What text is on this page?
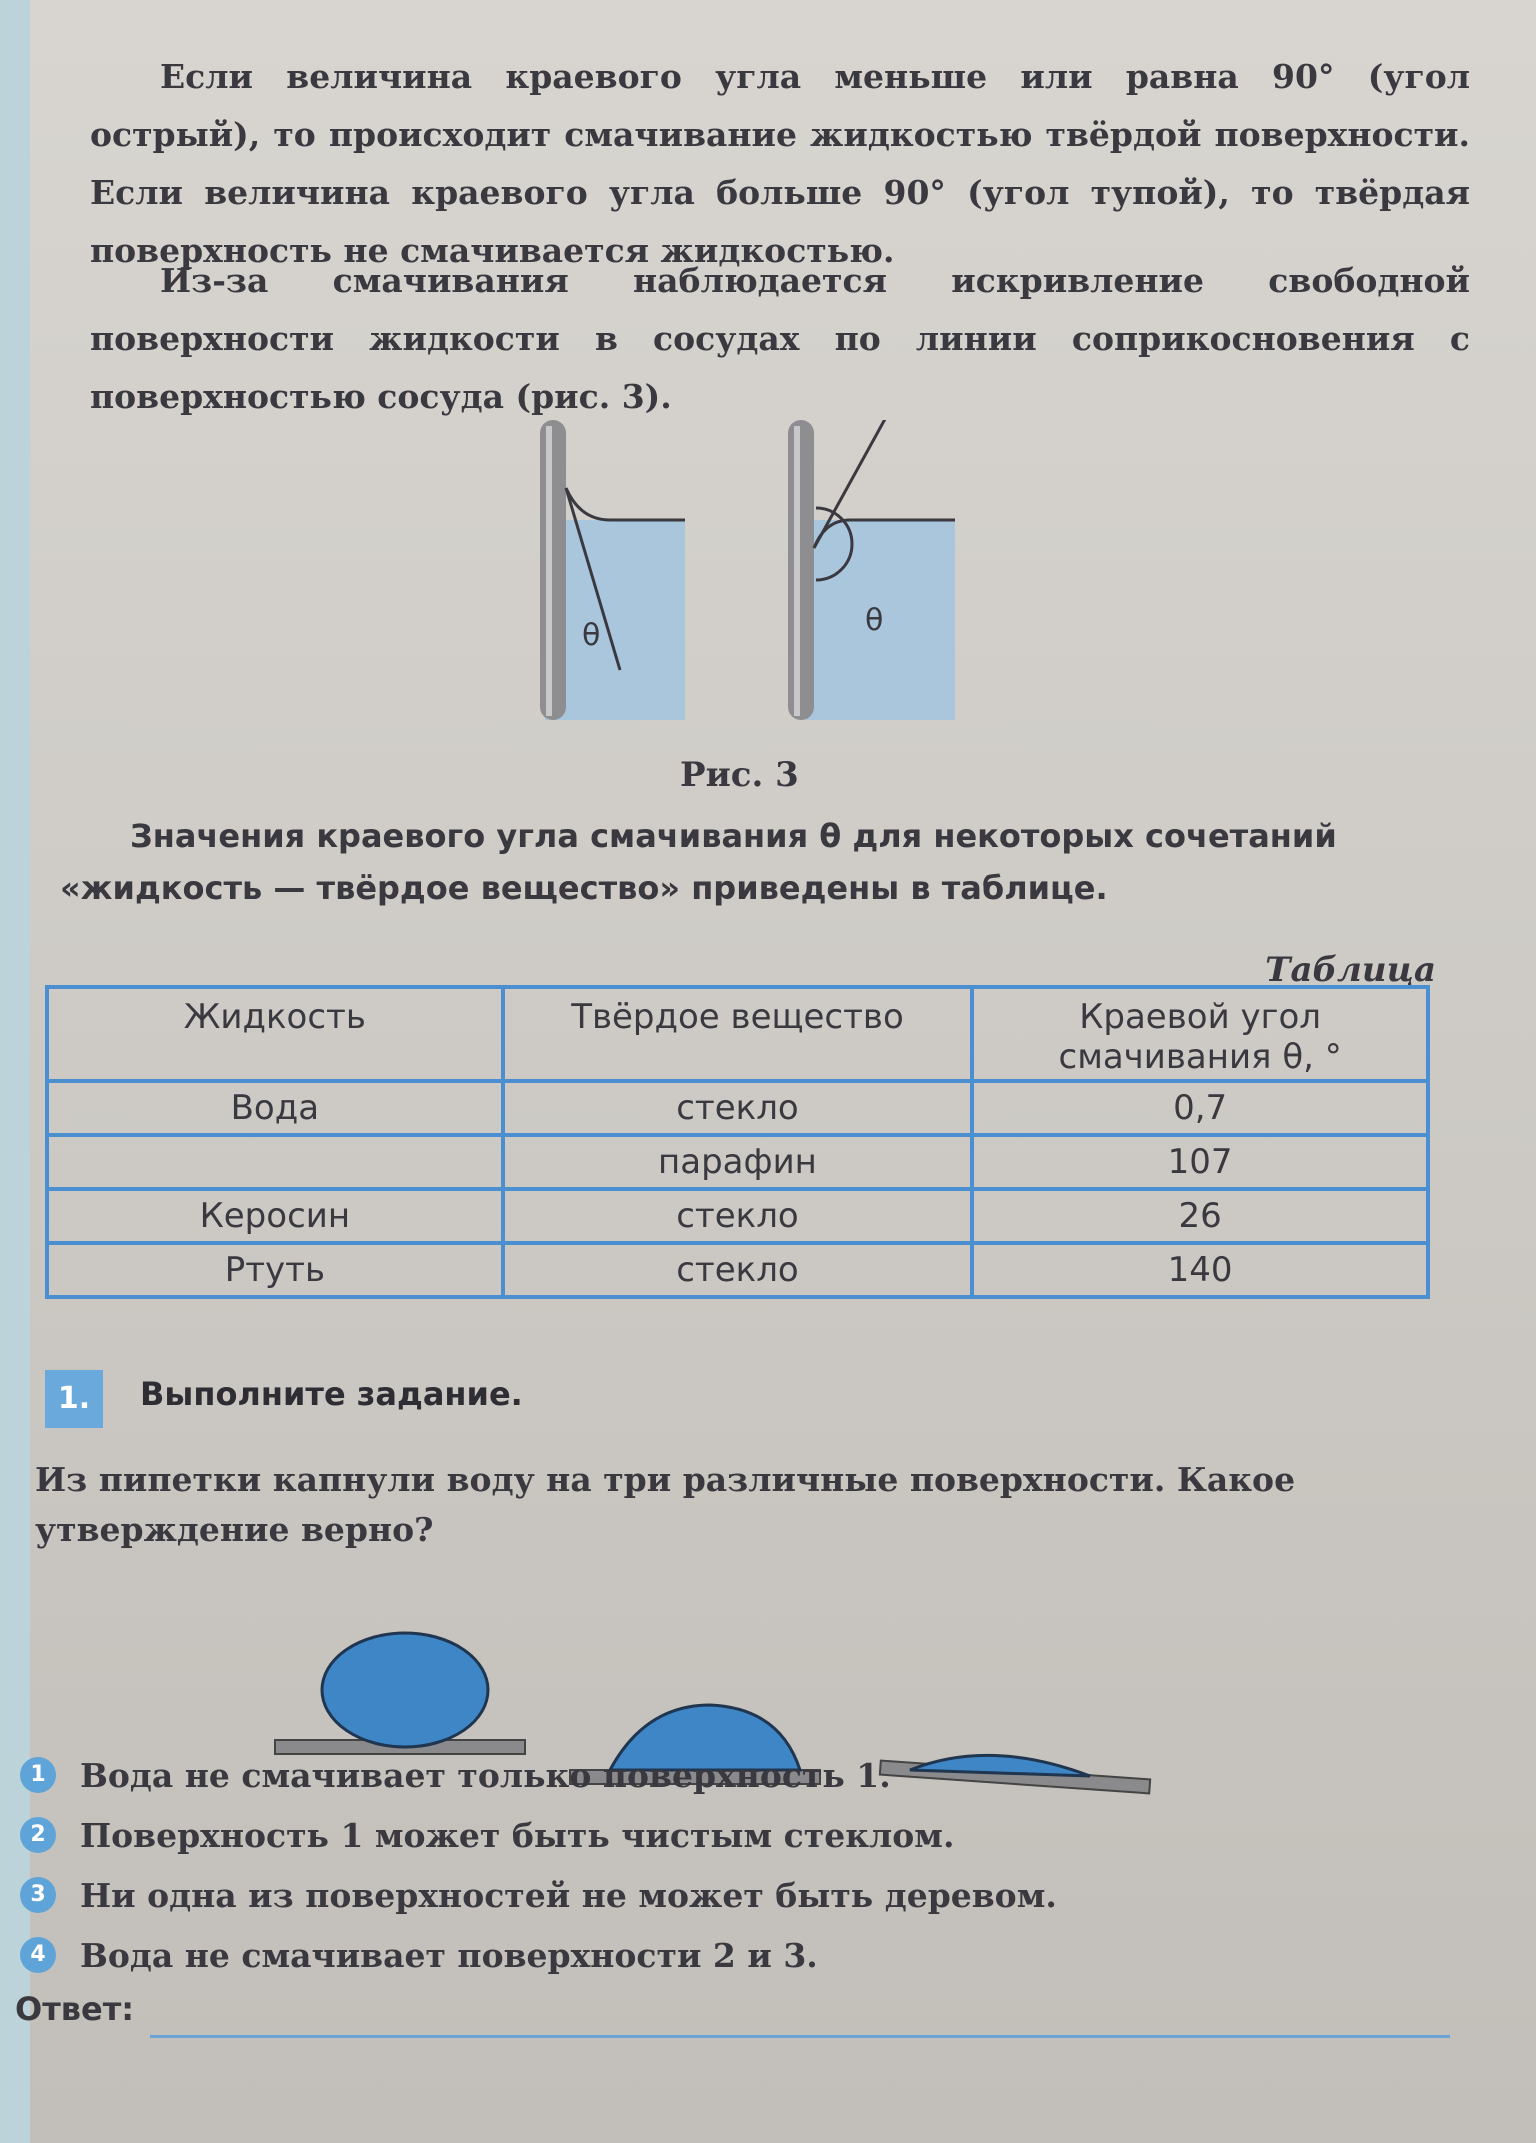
Если величина краевого угла меньше или равна 90° (угол острый), то происходит смачивание жидкостью твёрдой поверхности. Если величина краевого угла больше 90° (угол тупой), то твёрдая поверхность не смачивается жидкостью.

Из-за смачивания наблюдается искривление свободной поверхности жидкости в сосудах по линии соприкосновения с поверхностью сосуда (рис. 3).

θ	θ
Рис. 3
Значения краевого угла смачивания θ для некоторых сочетаний «жидкость — твёрдое вещество» приведены в таблице.
Таблица
Жидкость	Твёрдое вещество	Краевой угол смачивания θ, °
Вода	стекло	0,7
	парафин	107
Керосин	стекло	26
Ртуть	стекло	140
1.	Выполните задание.
Из пипетки капнули воду на три различные поверхности. Какое утверждение верно?
1	Вода не смачивает только поверхность 1.
2	Поверхность 1 может быть чистым стеклом.
3	Ни одна из поверхностей не может быть деревом.
4	Вода не смачивает поверхности 2 и 3.
Ответ:
